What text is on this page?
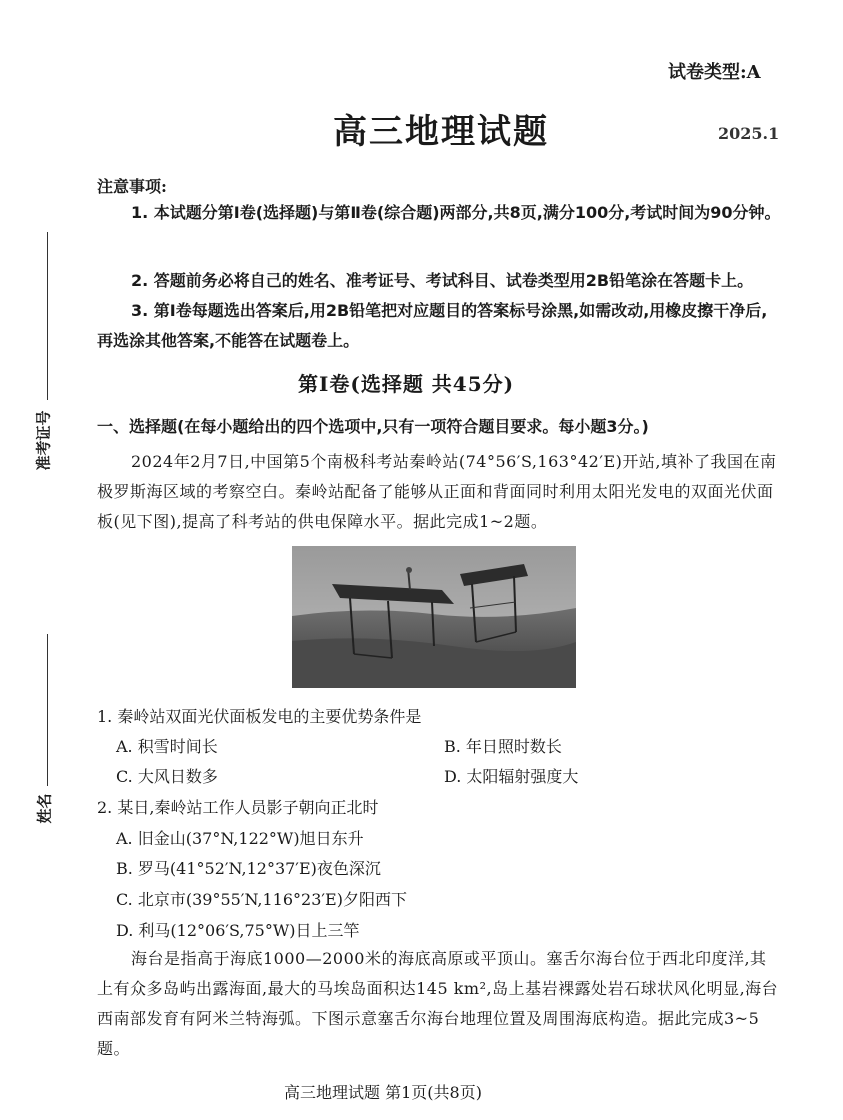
准考证号
姓名
试卷类型:A
高三地理试题	2025.1
注意事项:
1. 本试题分第Ⅰ卷(选择题)与第Ⅱ卷(综合题)两部分,共8页,满分100分,考试时间为90分钟。
2. 答题前务必将自己的姓名、准考证号、考试科目、试卷类型用2B铅笔涂在答题卡上。
3. 第Ⅰ卷每题选出答案后,用2B铅笔把对应题目的答案标号涂黑,如需改动,用橡皮擦干净后,再选涂其他答案,不能答在试题卷上。
第Ⅰ卷(选择题 共45分)
一、选择题(在每小题给出的四个选项中,只有一项符合题目要求。每小题3分。)
2024年2月7日,中国第5个南极科考站秦岭站(74°56′S,163°42′E)开站,填补了我国在南极罗斯海区域的考察空白。秦岭站配备了能够从正面和背面同时利用太阳光发电的双面光伏面板(见下图),提高了科考站的供电保障水平。据此完成1~2题。
1. 秦岭站双面光伏面板发电的主要优势条件是
A. 积雪时间长	B. 年日照时数长
C. 大风日数多	D. 太阳辐射强度大
2. 某日,秦岭站工作人员影子朝向正北时
A. 旧金山(37°N,122°W)旭日东升
B. 罗马(41°52′N,12°37′E)夜色深沉
C. 北京市(39°55′N,116°23′E)夕阳西下
D. 利马(12°06′S,75°W)日上三竿
海台是指高于海底1000—2000米的海底高原或平顶山。塞舌尔海台位于西北印度洋,其上有众多岛屿出露海面,最大的马埃岛面积达145 km²,岛上基岩裸露处岩石球状风化明显,海台西南部发育有阿米兰特海弧。下图示意塞舌尔海台地理位置及周围海底构造。据此完成3~5题。
高三地理试题 第1页(共8页)
